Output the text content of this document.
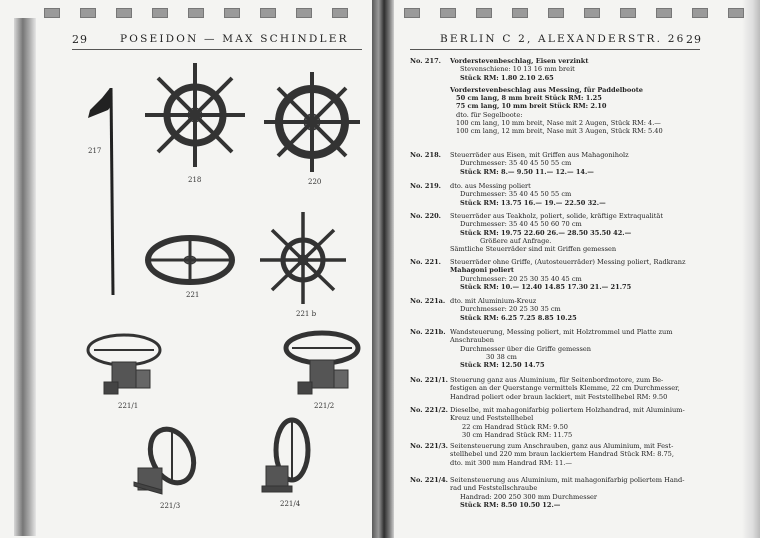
29	POSEIDON — MAX SCHINDLER
217
218	220
221
221 b
221/1	221/2
221/3	221/4
BERLIN C 2, ALEXANDERSTR. 26 29
No. 217. Vorderstevenbeschlag, Eisen verzinkt
Stevenschiene: 10 13 16 mm breit
Stück RM: 1.80 2.10 2.65
Vorderstevenbeschlag aus Messing, für Paddelboote
50 cm lang, 8 mm breit Stück RM: 1.25
75 cm lang, 10 mm breit Stück RM: 2.10
dto. für Segelboote:
100 cm lang, 10 mm breit, Nase mit 2 Augen, Stück RM: 4.—
100 cm lang, 12 mm breit, Nase mit 3 Augen, Stück RM: 5.40
No. 218. Steuerräder aus Eisen, mit Griffen aus Mahagoniholz
Durchmesser: 35 40 45 50 55 cm
Stück RM: 8.— 9.50 11.— 12.— 14.—
No. 219. dto. aus Messing poliert
Durchmesser: 35 40 45 50 55 cm
Stück RM: 13.75 16.— 19.— 22.50 32.—
No. 220. Steuerräder aus Teakholz, poliert, solide, kräftige Extraqualität
Durchmesser: 35 40 45 50 60 70 cm
Stück RM: 19.75 22.60 26.— 28.50 35.50 42.—
Größere auf Anfrage.
Sämtliche Steuerräder sind mit Griffen gemessen
No. 221. Steuerräder ohne Griffe, (Autosteuerräder) Messing poliert, Radkranz
Mahagoni poliert
Durchmesser: 20 25 30 35 40 45 cm
Stück RM: 10.— 12.40 14.85 17.30 21.— 21.75
No. 221a. dto. mit Aluminium-Kreuz
Durchmesser: 20 25 30 35 cm
Stück RM: 6.25 7.25 8.85 10.25
No. 221b. Wandsteuerung, Messing poliert, mit Holztrommel und Platte zum
Anschrauben
Durchmesser über die Griffe gemessen
30 38 cm
Stück RM: 12.50 14.75
No. 221/1. Steuerung ganz aus Aluminium, für Seitenbordmotore, zum Be-
festigen an der Querstange vermittels Klemme, 22 cm Durchmesser,
Handrad poliert oder braun lackiert, mit Feststellhebel RM: 9.50
No. 221/2. Dieselbe, mit mahagonifarbig poliertem Holzhandrad, mit Aluminium-
Kreuz und Feststellhebel
22 cm Handrad Stück RM: 9.50
30 cm Handrad Stück RM: 11.75
No. 221/3. Seitensteuerung zum Anschrauben, ganz aus Aluminium, mit Fest-
stellhebel und 220 mm braun lackiertem Handrad Stück RM: 8.75,
dto. mit 300 mm Handrad RM: 11.—
No. 221/4. Seitensteuerung aus Aluminium, mit mahagonifarbig poliertem Hand-
rad und Feststellschraube
Handrad: 200 250 300 mm Durchmesser
Stück RM: 8.50 10.50 12.—
